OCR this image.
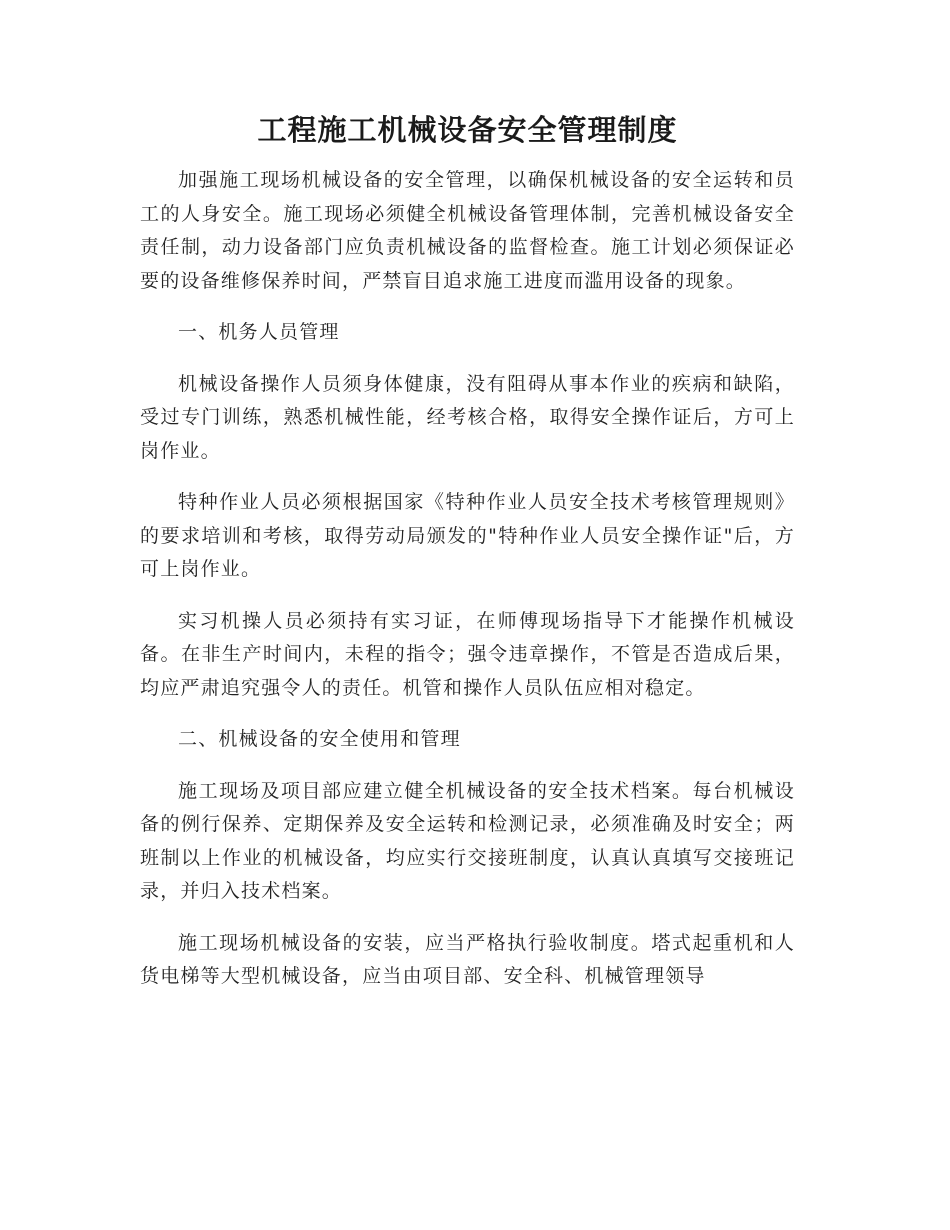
工程施工机械设备安全管理制度

加强施工现场机械设备的安全管理，以确保机械设备的安全运转和员工的人身安全。施工现场必须健全机械设备管理体制，完善机械设备安全责任制，动力设备部门应负责机械设备的监督检查。施工计划必须保证必要的设备维修保养时间，严禁盲目追求施工进度而滥用设备的现象。

一、机务人员管理

机械设备操作人员须身体健康，没有阻碍从事本作业的疾病和缺陷，受过专门训练，熟悉机械性能，经考核合格，取得安全操作证后，方可上岗作业。

特种作业人员必须根据国家《特种作业人员安全技术考核管理规则》的要求培训和考核，取得劳动局颁发的"特种作业人员安全操作证"后，方可上岗作业。

实习机操人员必须持有实习证，在师傅现场指导下才能操作机械设备。在非生产时间内，未程的指令；强令违章操作，不管是否造成后果，均应严肃追究强令人的责任。机管和操作人员队伍应相对稳定。

二、机械设备的安全使用和管理

施工现场及项目部应建立健全机械设备的安全技术档案。每台机械设备的例行保养、定期保养及安全运转和检测记录，必须准确及时安全；两班制以上作业的机械设备，均应实行交接班制度，认真认真填写交接班记录，并归入技术档案。

施工现场机械设备的安装，应当严格执行验收制度。塔式起重机和人货电梯等大型机械设备，应当由项目部、安全科、机械管理领导
